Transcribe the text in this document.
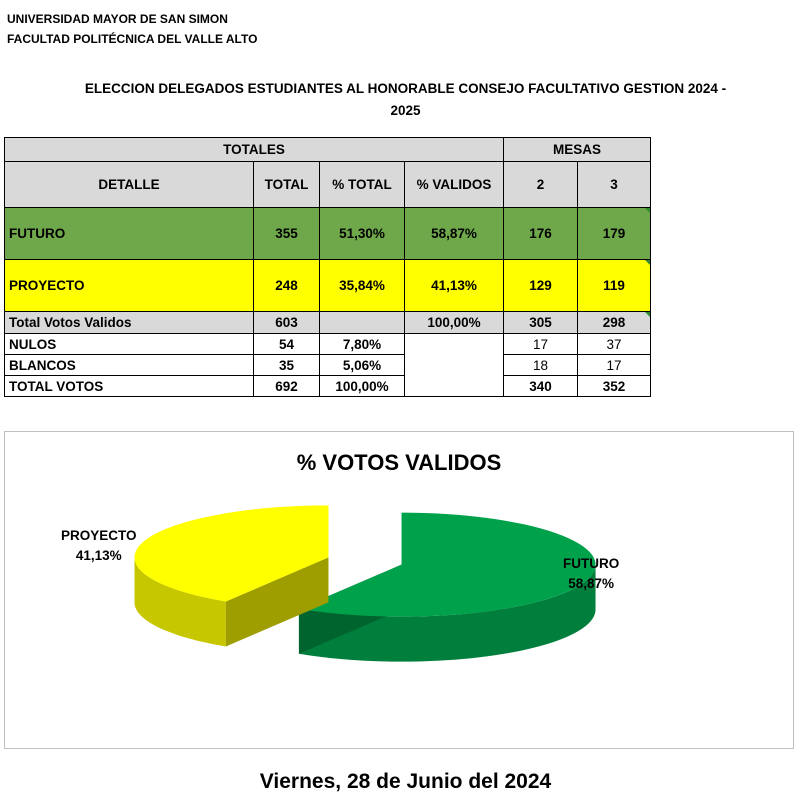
UNIVERSIDAD MAYOR DE SAN SIMON
FACULTAD POLITÉCNICA DEL VALLE ALTO
ELECCION DELEGADOS ESTUDIANTES AL HONORABLE CONSEJO FACULTATIVO GESTION 2024 -
2025
TOTALES				MESAS	
DETALLE	TOTAL	% TOTAL	% VALIDOS	2	3
FUTURO	355	51,30%	58,87%	176	179
PROYECTO	248	35,84%	41,13%	129	119
Total Votos Validos	603		100,00%	305	298
NULOS	54	7,80%		17	37
BLANCOS	35	5,06%		18	17
TOTAL VOTOS	692	100,00%		340	352
% VOTOS VALIDOS
PROYECTO
41,13%
FUTURO
58,87%
Viernes, 28 de Junio del 2024
